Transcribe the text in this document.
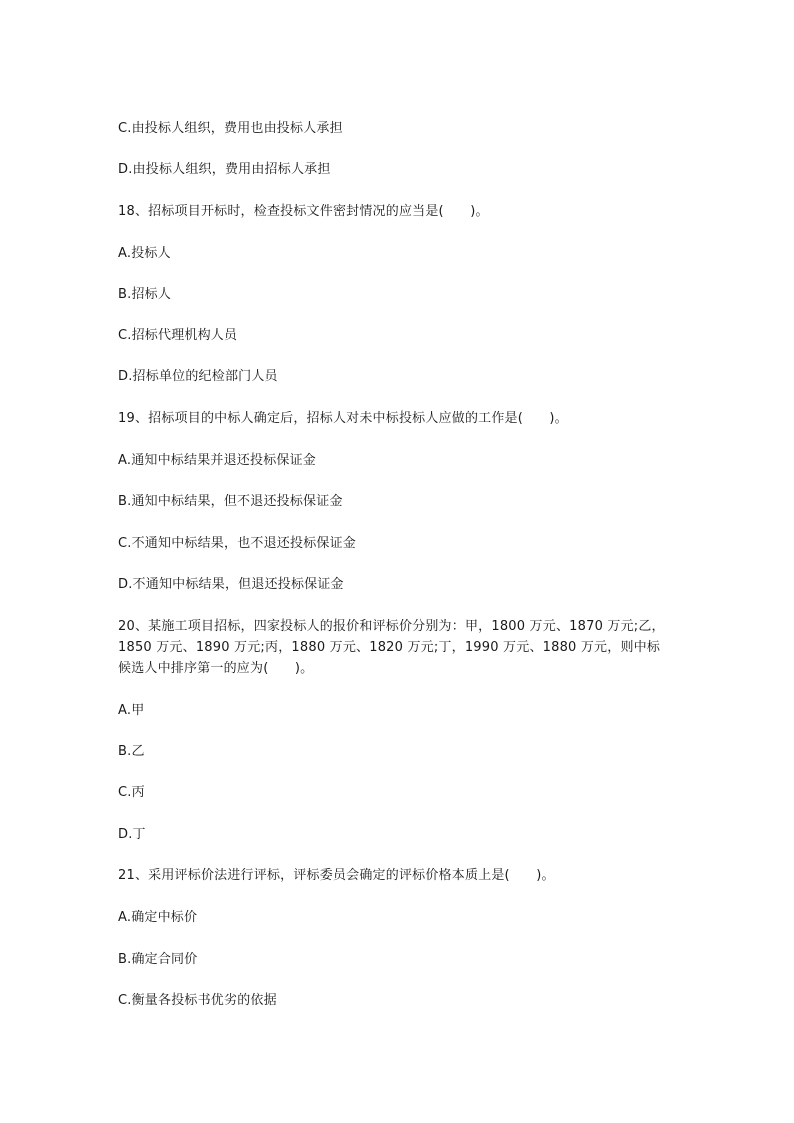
C.由投标人组织，费用也由投标人承担
D.由投标人组织，费用由招标人承担
18、招标项目开标时，检查投标文件密封情况的应当是(　　)。
A.投标人
B.招标人
C.招标代理机构人员
D.招标单位的纪检部门人员
19、招标项目的中标人确定后，招标人对未中标投标人应做的工作是(　　)。
A.通知中标结果并退还投标保证金
B.通知中标结果，但不退还投标保证金
C.不通知中标结果，也不退还投标保证金
D.不通知中标结果，但退还投标保证金
20、某施工项目招标，四家投标人的报价和评标价分别为：甲，1800 万元、1870 万元;乙，
1850 万元、1890 万元;丙，1880 万元、1820 万元;丁，1990 万元、1880 万元，则中标
候选人中排序第一的应为(　　)。
A.甲
B.乙
C.丙
D.丁
21、采用评标价法进行评标，评标委员会确定的评标价格本质上是(　　)。
A.确定中标价
B.确定合同价
C.衡量各投标书优劣的依据
